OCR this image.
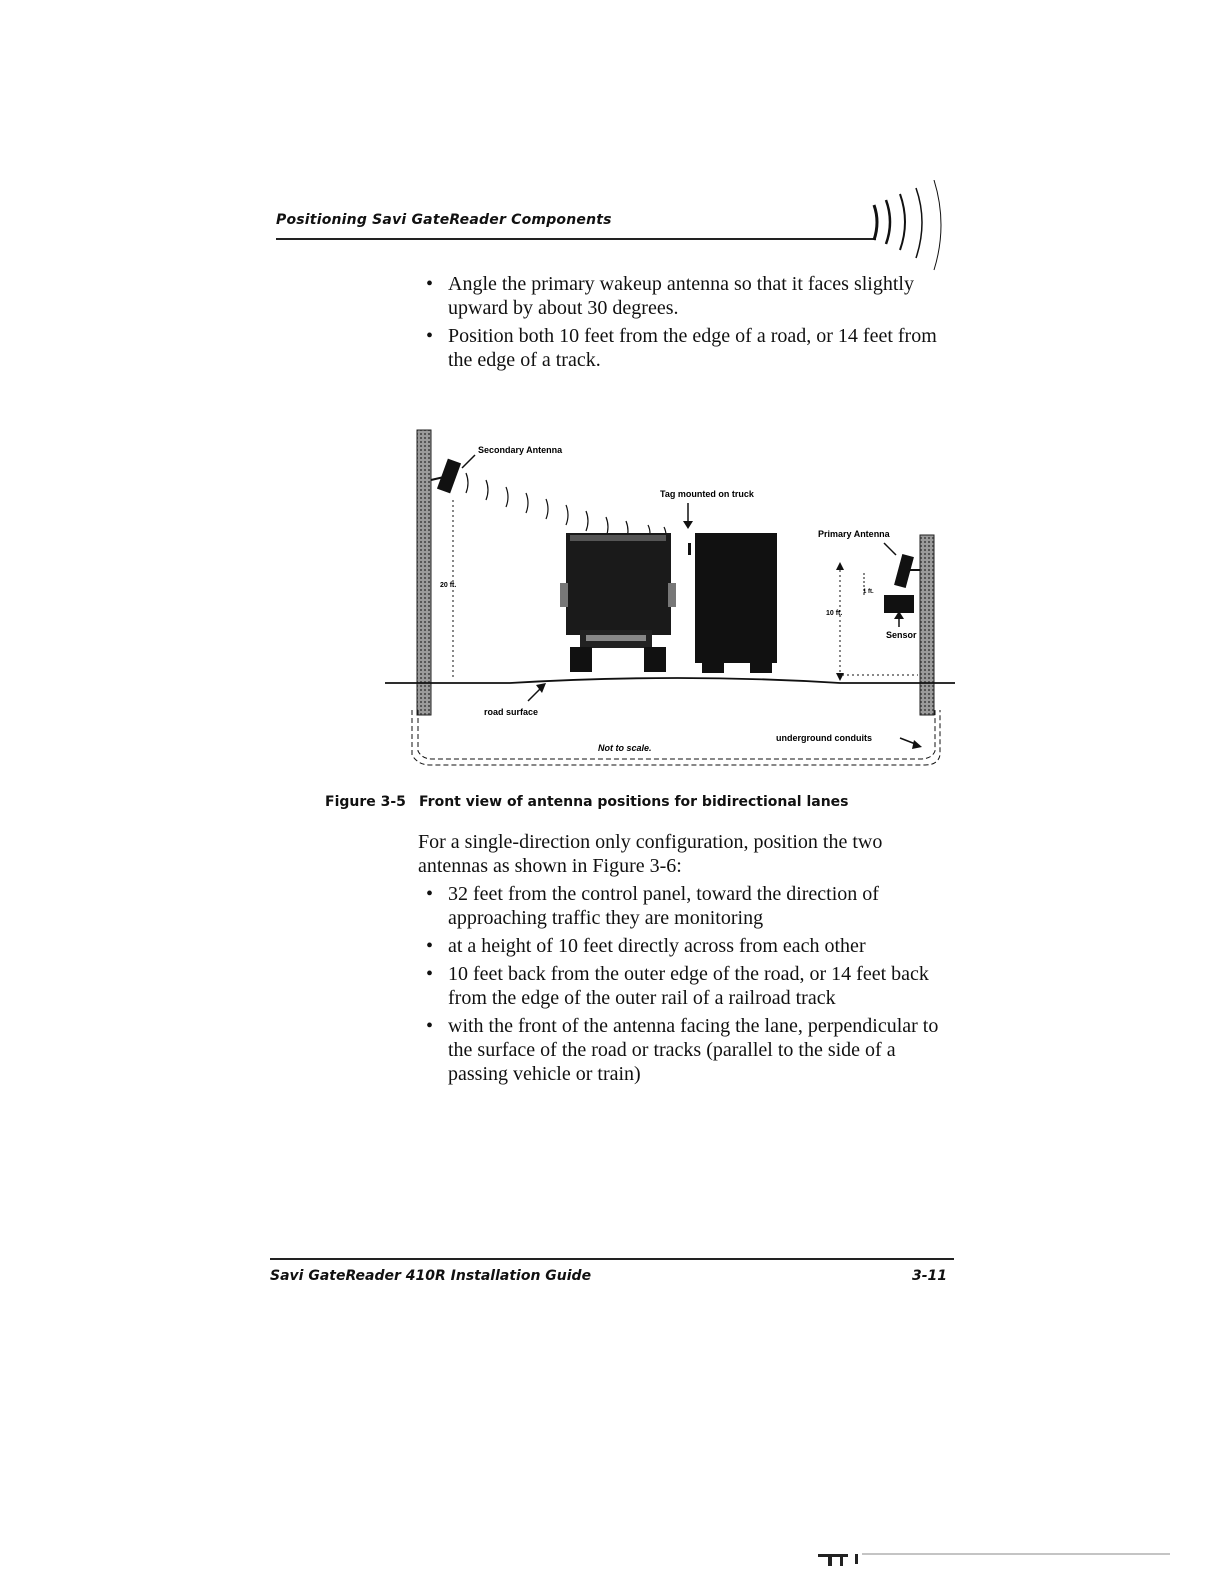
Positioning Savi GateReader Components
• Angle the primary wakeup antenna so that it faces slightly upward by about 30 degrees.
• Position both 10 feet from the edge of a road, or 14 feet from the edge of a track.
Secondary Antenna
20 ft.
Tag mounted on truck
Primary Antenna
Sensor
10 ft.
1 ft.
road surface
Not to scale.
underground conduits
Figure 3-5 Front view of antenna positions for bidirectional lanes

For a single-direction only configuration, position the two antennas as shown in Figure 3-6:

• 32 feet from the control panel, toward the direction of approaching traffic they are monitoring
• at a height of 10 feet directly across from each other
• 10 feet back from the outer edge of the road, or 14 feet back from the edge of the outer rail of a railroad track
• with the front of the antenna facing the lane, perpendicular to the surface of the road or tracks (parallel to the side of a passing vehicle or train)
Savi GateReader 410R Installation Guide	3-11
